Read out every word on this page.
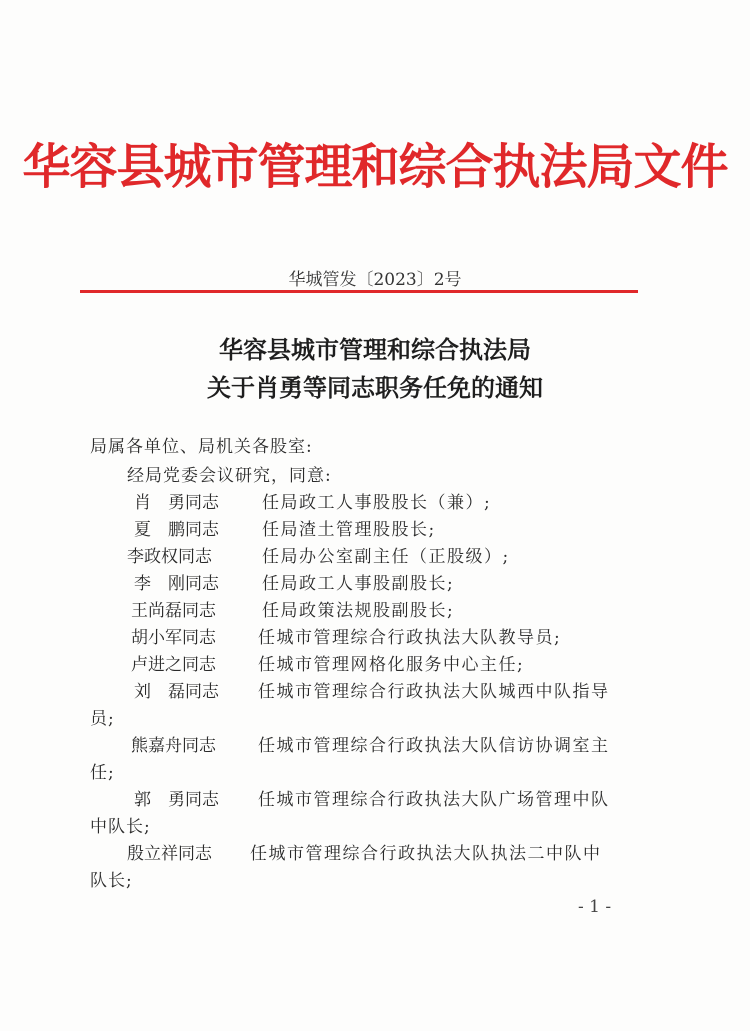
华容县城市管理和综合执法局文件
华城管发〔2023〕2号
华容县城市管理和综合执法局
关于肖勇等同志职务任免的通知
局属各单位、局机关各股室:
经局党委会议研究，同意:
肖　勇同志	任局政工人事股股长（兼）;
夏　鹏同志	任局渣土管理股股长;
李政权同志	任局办公室副主任（正股级）;
李　刚同志	任局政工人事股副股长;
王尚磊同志	任局政策法规股副股长;
胡小军同志 任城市管理综合行政执法大队教导员;
卢进之同志 任城市管理网格化服务中心主任;
刘　磊同志 任城市管理综合行政执法大队城西中队指导
员;
熊嘉舟同志 任城市管理综合行政执法大队信访协调室主
任;
郭　勇同志 任城市管理综合行政执法大队广场管理中队
中队长;
殷立祥同志 任城市管理综合行政执法大队执法二中队中
队长;
- 1 -
